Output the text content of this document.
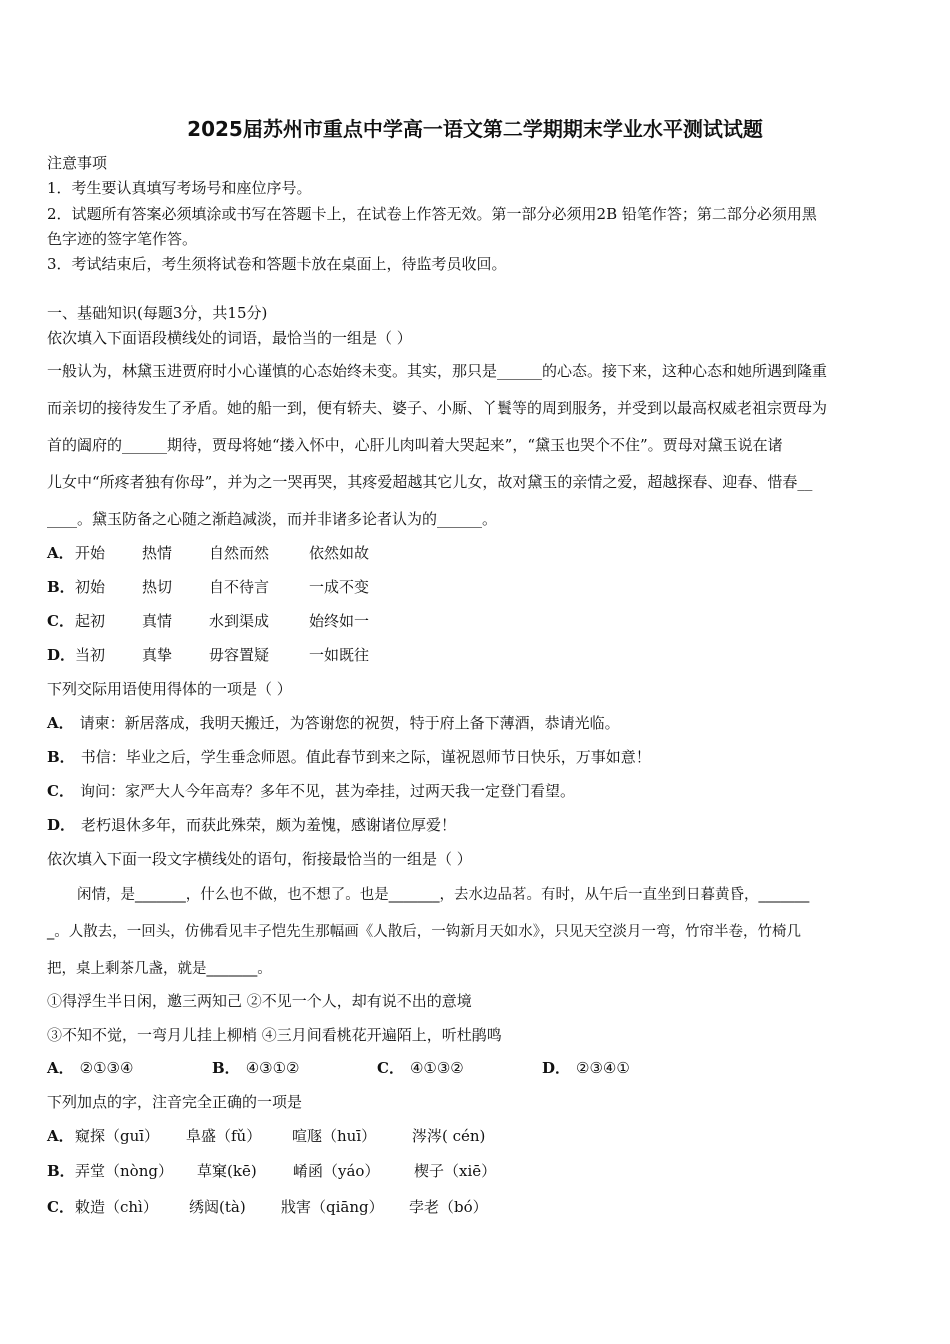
2025届苏州市重点中学高一语文第二学期期末学业水平测试试题
注意事项
1．考生要认真填写考场号和座位序号。
2．试题所有答案必须填涂或书写在答题卡上，在试卷上作答无效。第一部分必须用2B 铅笔作答；第二部分必须用黑
色字迹的签字笔作答。
3．考试结束后，考生须将试卷和答题卡放在桌面上，待监考员收回。
一、基础知识(每题3分，共15分)
依次填入下面语段横线处的词语，最恰当的一组是（ ）
一般认为，林黛玉进贾府时小心谨慎的心态始终未变。其实，那只是______的心态。接下来，这种心态和她所遇到隆重
而亲切的接待发生了矛盾。她的船一到，便有轿夫、婆子、小厮、丫鬟等的周到服务，并受到以最高权威老祖宗贾母为
首的阖府的______期待，贾母将她“搂入怀中，心肝儿肉叫着大哭起来”，“黛玉也哭个不住”。贾母对黛玉说在诸
儿女中“所疼者独有你母”，并为之一哭再哭，其疼爱超越其它儿女，故对黛玉的亲情之爱，超越探春、迎春、惜春__
____。黛玉防备之心随之渐趋减淡，而并非诸多论者认为的______。
A． 开始 热情 自然而然	依然如故
B． 初始 热切 自不待言	一成不变
C． 起初 真情 水到渠成	始终如一
D． 当初 真挚 毋容置疑	一如既往
下列交际用语使用得体的一项是（ ）
A． 请柬：新居落成，我明天搬迁，为答谢您的祝贺，特于府上备下薄酒，恭请光临。
B． 书信：毕业之后，学生垂念师恩。值此春节到来之际，谨祝恩师节日快乐，万事如意！
C． 询问：家严大人今年高寿？多年不见，甚为牵挂，过两天我一定登门看望。
D． 老朽退休多年，而获此殊荣，颇为羞愧，感谢诸位厚爱！
依次填入下面一段文字横线处的语句，衔接最恰当的一组是（ ）
闲情，是_______，什么也不做，也不想了。也是_______，去水边品茗。有时，从午后一直坐到日暮黄昏，_______
_。人散去，一回头，仿佛看见丰子恺先生那幅画《人散后，一钩新月天如水》，只见天空淡月一弯，竹帘半卷，竹椅几
把，桌上剩茶几盏，就是_______。
①得浮生半日闲，邀三两知己 ②不见一个人，却有说不出的意境
③不知不觉，一弯月儿挂上柳梢 ④三月间看桃花开遍陌上，听杜鹃鸣
A． ②①③④	B． ④③①②	C． ④①③②	D． ②③④①
下列加点的字，注音完全正确的一项是
A． 窥探（guī） 阜盛（fǔ） 喧豗（huī） 涔涔( cén)
B． 弄堂（nòng） 草窠(kē) 崤函（yáo） 楔子（xiē）
C． 敕造（chì） 绣闼(tà) 戕害（qiāng） 孛老（bó）
